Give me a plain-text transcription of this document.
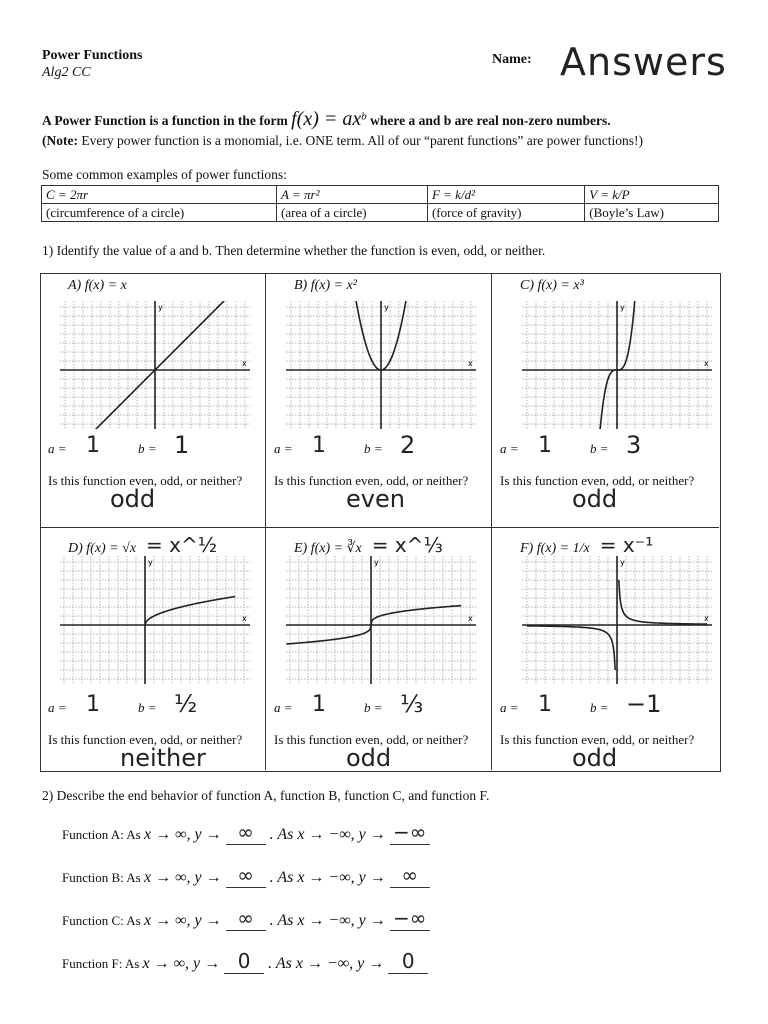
Power Functions
Alg2 CC
Name: Answers
A Power Function is a function in the form $f(x) = ax^b$ where a and b are real non-zero numbers.
(Note: Every power function is a monomial, i.e. ONE term. All of our “parent functions” are power functions!)
Some common examples of power functions:
C = 2πr	A = πr²	F = k/d²	V = k/P
(circumference of a circle)	(area of a circle)	(force of gravity)	(Boyle’s Law)
1) Identify the value of a and b. Then determine whether the function is even, odd, or neither.
A) f(x) = x
x
y
a = 1	b = 1
Is this function even, odd, or neither?
odd
B) f(x) = x²
x
y
a = 1	b = 2
Is this function even, odd, or neither?
even
C) f(x) = x³
x
y
a = 1	b = 3
Is this function even, odd, or neither?
odd
D) f(x) = √x = x^½
x
y
a = 1	b = ½
Is this function even, odd, or neither?
neither
E) f(x) = ∛x = x^⅓
x
y
a = 1	b = ⅓
Is this function even, odd, or neither?
odd
F) f(x) = 1/x = x⁻¹
x
y
a = 1	b = −1
Is this function even, odd, or neither?
odd
2) Describe the end behavior of function A, function B, function C, and function F.
Function A: As x → ∞, y → ∞ . As x → −∞, y → −∞
Function B: As x → ∞, y → ∞ . As x → −∞, y → ∞
Function C: As x → ∞, y → ∞ . As x → −∞, y → −∞
Function F: As x → ∞, y → 0 . As x → −∞, y → 0
